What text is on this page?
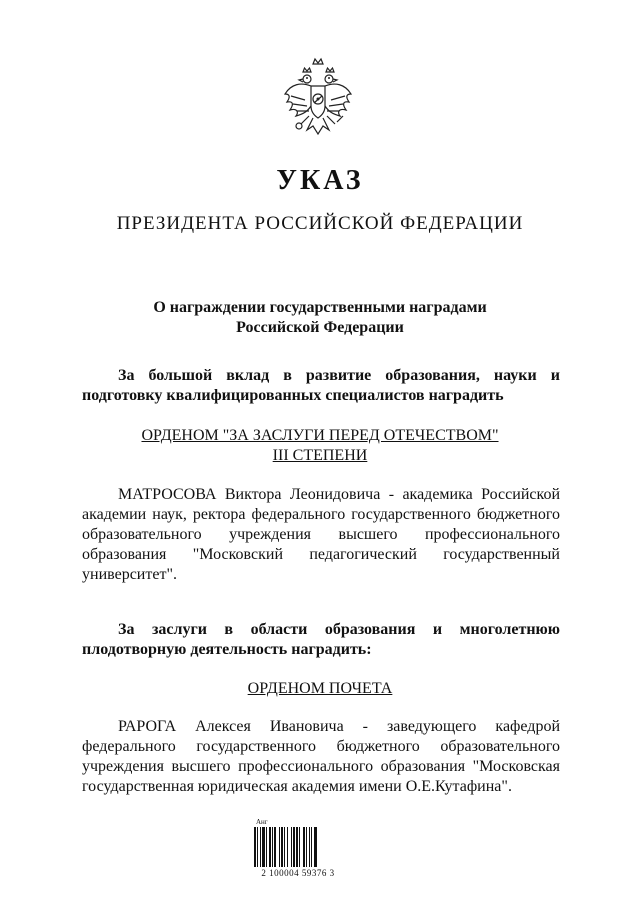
УКАЗ
ПРЕЗИДЕНТА РОССИЙСКОЙ ФЕДЕРАЦИИ
О награждении государственными наградами
Российской Федерации
За большой вклад в развитие образования, науки и подготовку квалифицированных специалистов наградить
ОРДЕНОМ "ЗА ЗАСЛУГИ ПЕРЕД ОТЕЧЕСТВОМ"
III СТЕПЕНИ
МАТРОСОВА Виктора Леонидовича - академика Российской академии наук, ректора федерального государственного бюджетного образовательного учреждения высшего профессионального образования "Московский педагогический государственный университет".
За заслуги в области образования и многолетнюю плодотворную деятельность наградить:
ОРДЕНОМ ПОЧЕТА
РАРОГА Алексея Ивановича - заведующего кафедрой федерального государственного бюджетного образовательного учреждения высшего профессионального образования "Московская государственная юридическая академия имени О.Е.Кутафина".
Анг
2 100004 59376 3
